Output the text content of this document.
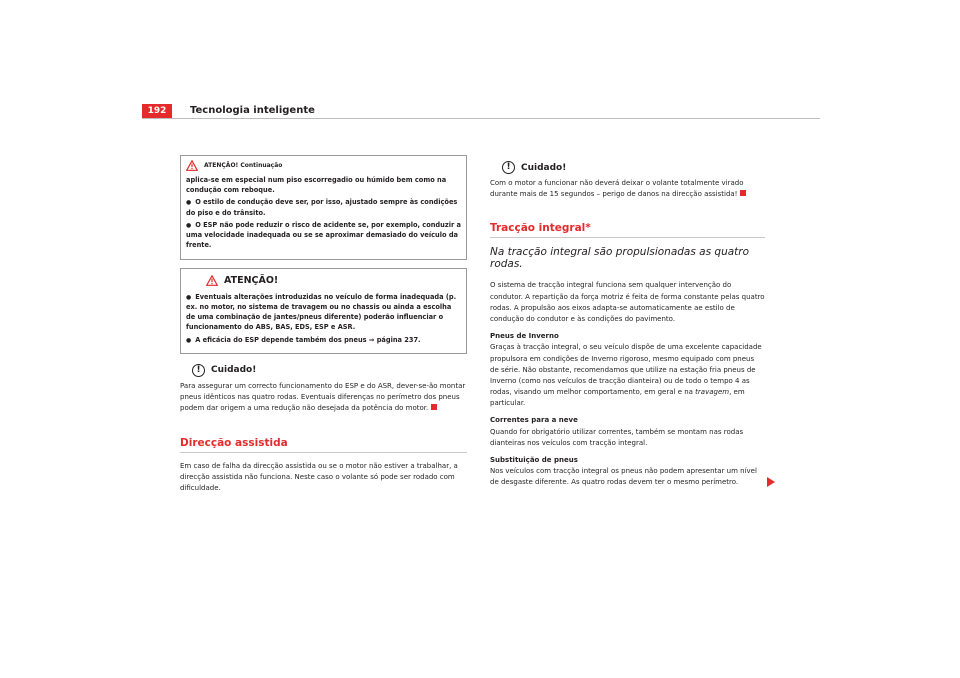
192	Tecnologia inteligente
ATENÇÃO! Continuação

aplica-se em especial num piso escorregadio ou húmido bem como na condução com reboque.

● O estilo de condução deve ser, por isso, ajustado sempre às condições do piso e do trânsito.

● O ESP não pode reduzir o risco de acidente se, por exemplo, conduzir a uma velocidade inadequada ou se se aproximar demasiado do veículo da frente.

ATENÇÃO!

● Eventuais alterações introduzidas no veículo de forma inadequada (p. ex. no motor, no sistema de travagem ou no chassis ou ainda a escolha de uma combinação de jantes/pneus diferente) poderão influenciar o funcionamento do ABS, BAS, EDS, ESP e ASR.

● A eficácia do ESP depende também dos pneus ⇒ página 237.

!	Cuidado!

Para assegurar um correcto funcionamento do ESP e do ASR, dever-se-ão montar pneus idênticos nas quatro rodas. Eventuais diferenças no perímetro dos pneus podem dar origem a uma redução não desejada da potência do motor.

Direcção assistida

Em caso de falha da direcção assistida ou se o motor não estiver a trabalhar, a direcção assistida não funciona. Neste caso o volante só pode ser rodado com dificuldade.

!	Cuidado!

Com o motor a funcionar não deverá deixar o volante totalmente virado durante mais de 15 segundos – perigo de danos na direcção assistida!

Tracção integral*
Na tracção integral são propulsionadas as quatro rodas.

O sistema de tracção integral funciona sem qualquer intervenção do condutor. A repartição da força motriz é feita de forma constante pelas quatro rodas. A propulsão aos eixos adapta-se automaticamente ae estilo de condução do condutor e às condições do pavimento.

Pneus de Inverno

Graças à tracção integral, o seu veículo dispõe de uma excelente capacidade propulsora em condições de Inverno rigoroso, mesmo equipado com pneus de série. Não obstante, recomendamos que utilize na estação fria pneus de Inverno (como nos veículos de tracção dianteira) ou de todo o tempo 4 as rodas, visando um melhor comportamento, em geral e na travagem, em particular.

Correntes para a neve

Quando for obrigatório utilizar correntes, também se montam nas rodas dianteiras nos veículos com tracção integral.

Substituição de pneus

Nos veículos com tracção integral os pneus não podem apresentar um nível de desgaste diferente. As quatro rodas devem ter o mesmo perímetro.
